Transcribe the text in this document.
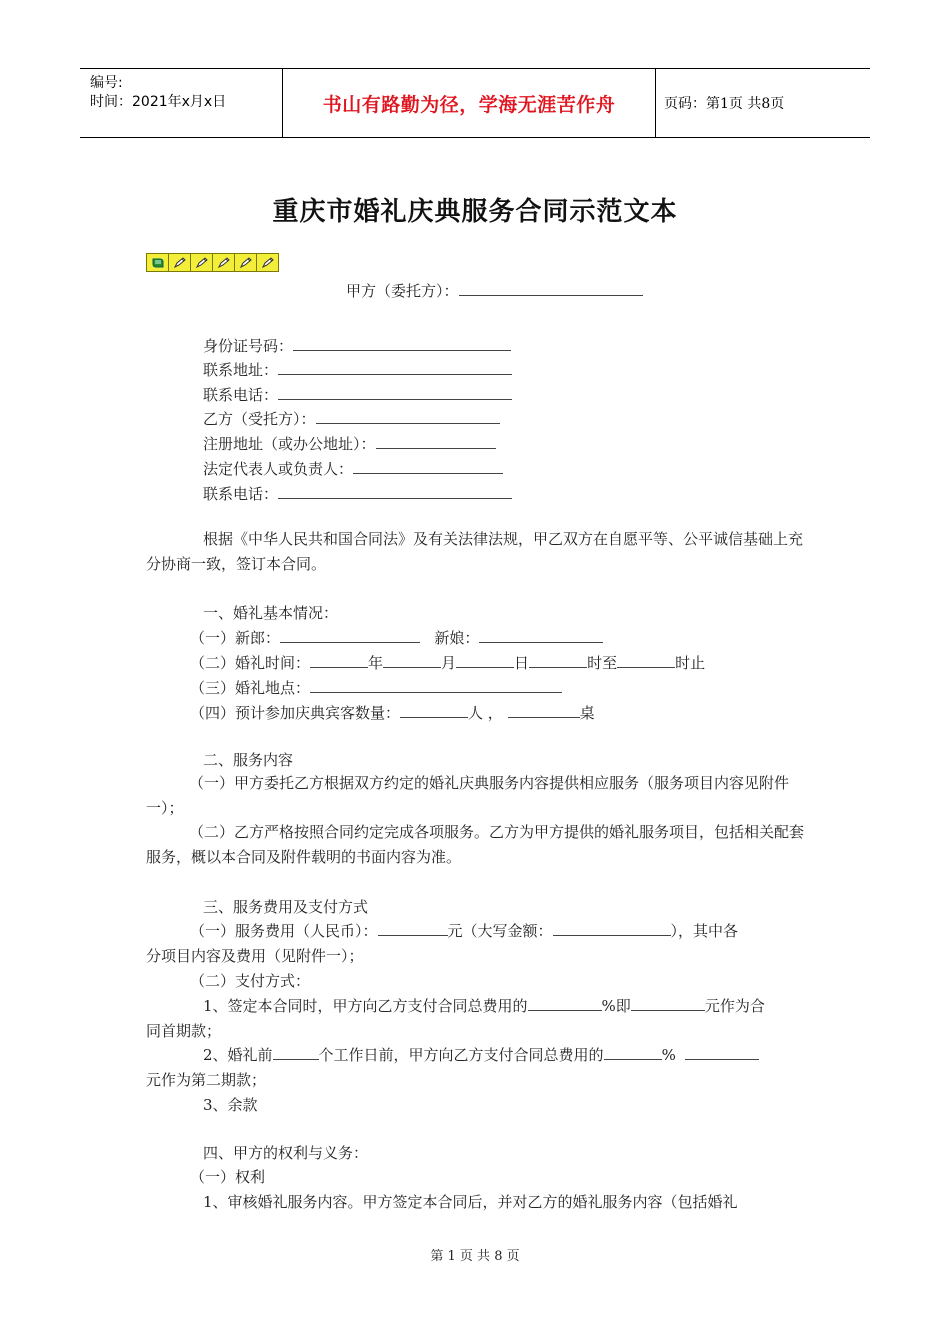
编号:
时间：2021年x月x日	书山有路勤为径，学海无涯苦作舟	页码：第1页 共8页
重庆市婚礼庆典服务合同示范文本
甲方（委托方）：
身份证号码：
联系地址：
联系电话：
乙方（受托方）：
注册地址（或办公地址）：
法定代表人或负责人：
联系电话：
根据《中华人民共和国合同法》及有关法律法规，甲乙双方在自愿平等、公平诚信基础上充分协商一致，签订本合同。
一、婚礼基本情况：
（一）新郎：	新娘：
（二）婚礼时间：	年	月	日	时至	时止
（三）婚礼地点：
（四）预计参加庆典宾客数量：	人 ，	桌
二、服务内容
（一）甲方委托乙方根据双方约定的婚礼庆典服务内容提供相应服务（服务项目内容见附件一）；
（二）乙方严格按照合同约定完成各项服务。乙方为甲方提供的婚礼服务项目，包括相关配套服务，概以本合同及附件载明的书面内容为准。
三、服务费用及支付方式
（一）服务费用（人民币）：	元（大写金额：	），其中各
分项目内容及费用（见附件一）；
（二）支付方式：
1、签定本合同时，甲方向乙方支付合同总费用的	%即	元作为合
同首期款；
2、婚礼前	个工作日前，甲方向乙方支付合同总费用的	%
元作为第二期款；
3、余款
四、甲方的权利与义务：
（一）权利
1、审核婚礼服务内容。甲方签定本合同后，并对乙方的婚礼服务内容（包括婚礼
第 1 页 共 8 页
